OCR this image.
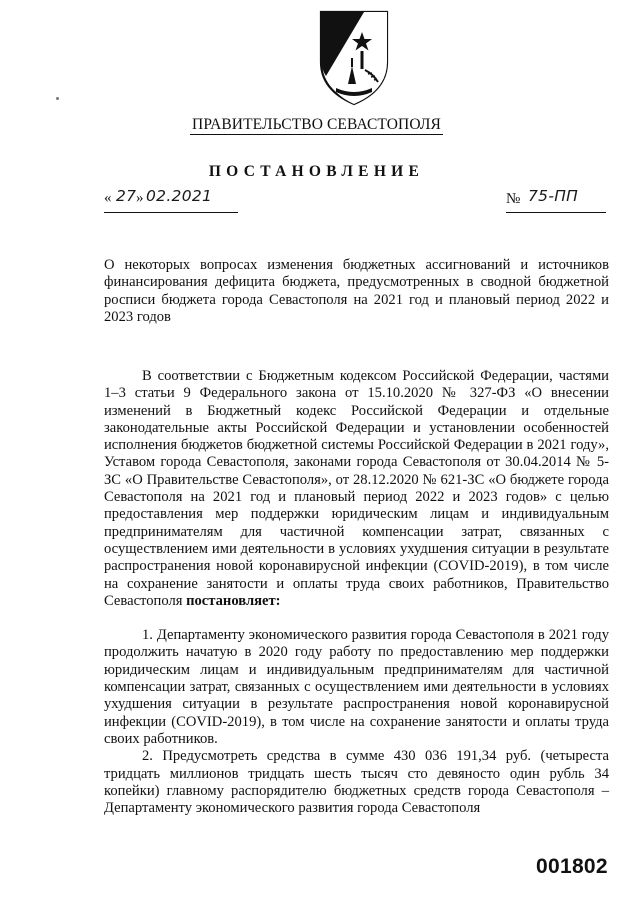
ПРАВИТЕЛЬСТВО СЕВАСТОПОЛЯ
ПОСТАНОВЛЕНИЕ
« 27 » 02.2021	№ 75-ПП
О некоторых вопросах изменения бюджетных ассигнований и источников финансирования дефицита бюджета, предусмотренных в сводной бюджетной росписи бюджета города Севастополя на 2021 год и плановый период 2022 и 2023 годов

В соответствии с Бюджетным кодексом Российской Федерации, частями 1–3 статьи 9 Федерального закона от 15.10.2020 № 327-ФЗ «О внесении изменений в Бюджетный кодекс Российской Федерации и отдельные законодательные акты Российской Федерации и установлении особенностей исполнения бюджетов бюджетной системы Российской Федерации в 2021 году», Уставом города Севастополя, законами города Севастополя от 30.04.2014 № 5-ЗС «О Правительстве Севастополя», от 28.12.2020 № 621-ЗС «О бюджете города Севастополя на 2021 год и плановый период 2022 и 2023 годов» с целью предоставления мер поддержки юридическим лицам и индивидуальным предпринимателям для частичной компенсации затрат, связанных с осуществлением ими деятельности в условиях ухудшения ситуации в результате распространения новой коронавирусной инфекции (COVID-2019), в том числе на сохранение занятости и оплаты труда своих работников, Правительство Севастополя постановляет:

1. Департаменту экономического развития города Севастополя в 2021 году продолжить начатую в 2020 году работу по предоставлению мер поддержки юридическим лицам и индивидуальным предпринимателям для частичной компенсации затрат, связанных с осуществлением ими деятельности в условиях ухудшения ситуации в результате распространения новой коронавирусной инфекции (COVID-2019), в том числе на сохранение занятости и оплаты труда своих работников.

2. Предусмотреть средства в сумме 430 036 191,34 руб. (четыреста тридцать миллионов тридцать шесть тысяч сто девяносто один рубль 34 копейки) главному распорядителю бюджетных средств города Севастополя – Департаменту экономического развития города Севастополя

001802
